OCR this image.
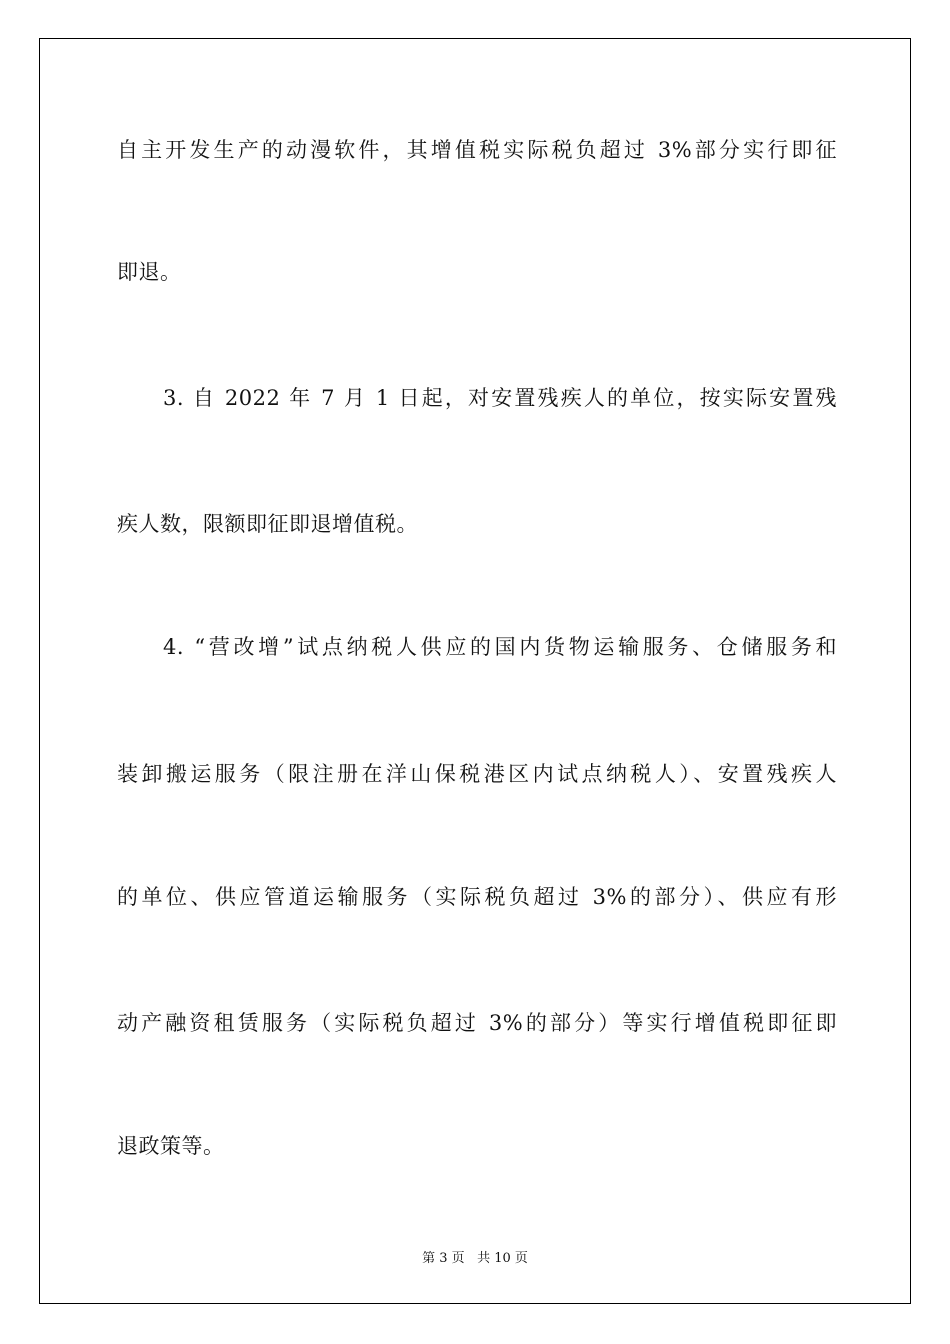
自主开发生产的动漫软件，其增值税实际税负超过 3%部分实行即征
即退。
3. 自 2022 年 7 月 1 日起，对安置残疾人的单位，按实际安置残
疾人数，限额即征即退增值税。
4. “营改增”试点纳税人供应的国内货物运输服务、仓储服务和
装卸搬运服务（限注册在洋山保税港区内试点纳税人）、安置残疾人
的单位、供应管道运输服务（实际税负超过 3%的部分）、供应有形
动产融资租赁服务（实际税负超过 3%的部分）等实行增值税即征即
退政策等。
第 3 页 共 10 页
